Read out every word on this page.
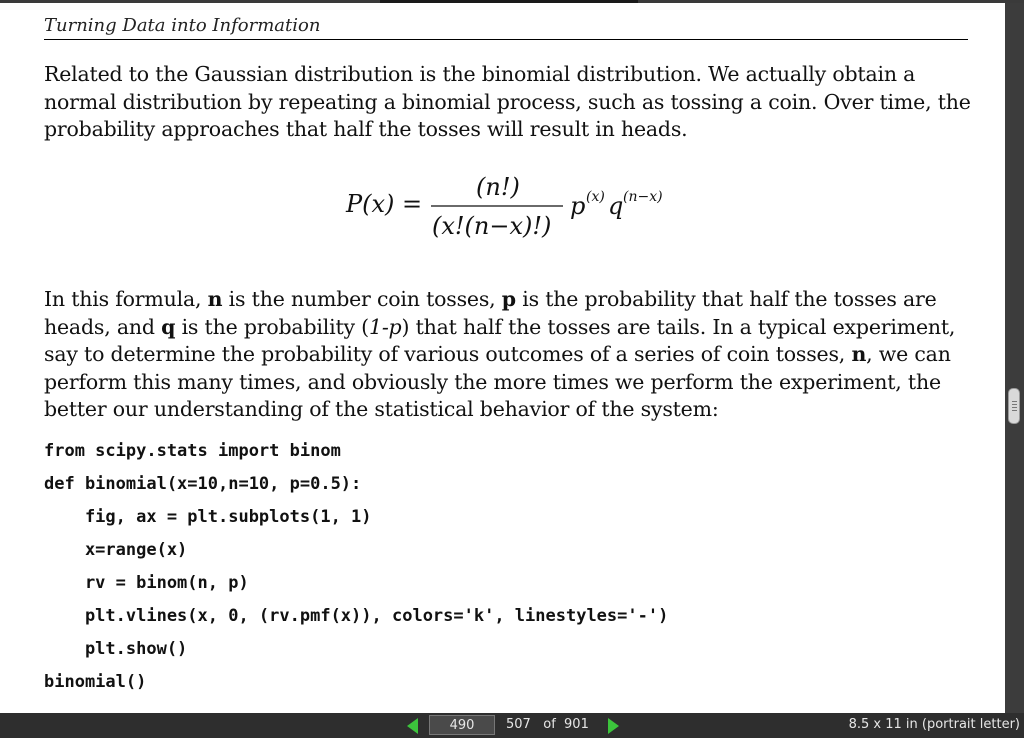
Turning Data into Information
Related to the Gaussian distribution is the binomial distribution. We actually obtain a normal distribution by repeating a binomial process, such as tossing a coin. Over time, the probability approaches that half the tosses will result in heads.
P(x) =
(n!)
(x!(n−x)!)
p (x) q (n−x)
In this formula, n is the number coin tosses, p is the probability that half the tosses are heads, and q is the probability (1-p) that half the tosses are tails. In a typical experiment, say to determine the probability of various outcomes of a series of coin tosses, n, we can perform this many times, and obviously the more times we perform the experiment, the better our understanding of the statistical behavior of the system:
from scipy.stats import binom
def binomial(x=10,n=10, p=0.5):
fig, ax = plt.subplots(1, 1)
x=range(x)
rv = binom(n, p)
plt.vlines(x, 0, (rv.pmf(x)), colors='k', linestyles='-')
plt.show()
binomial()
490	507 of 901	8.5 x 11 in (portrait letter)
